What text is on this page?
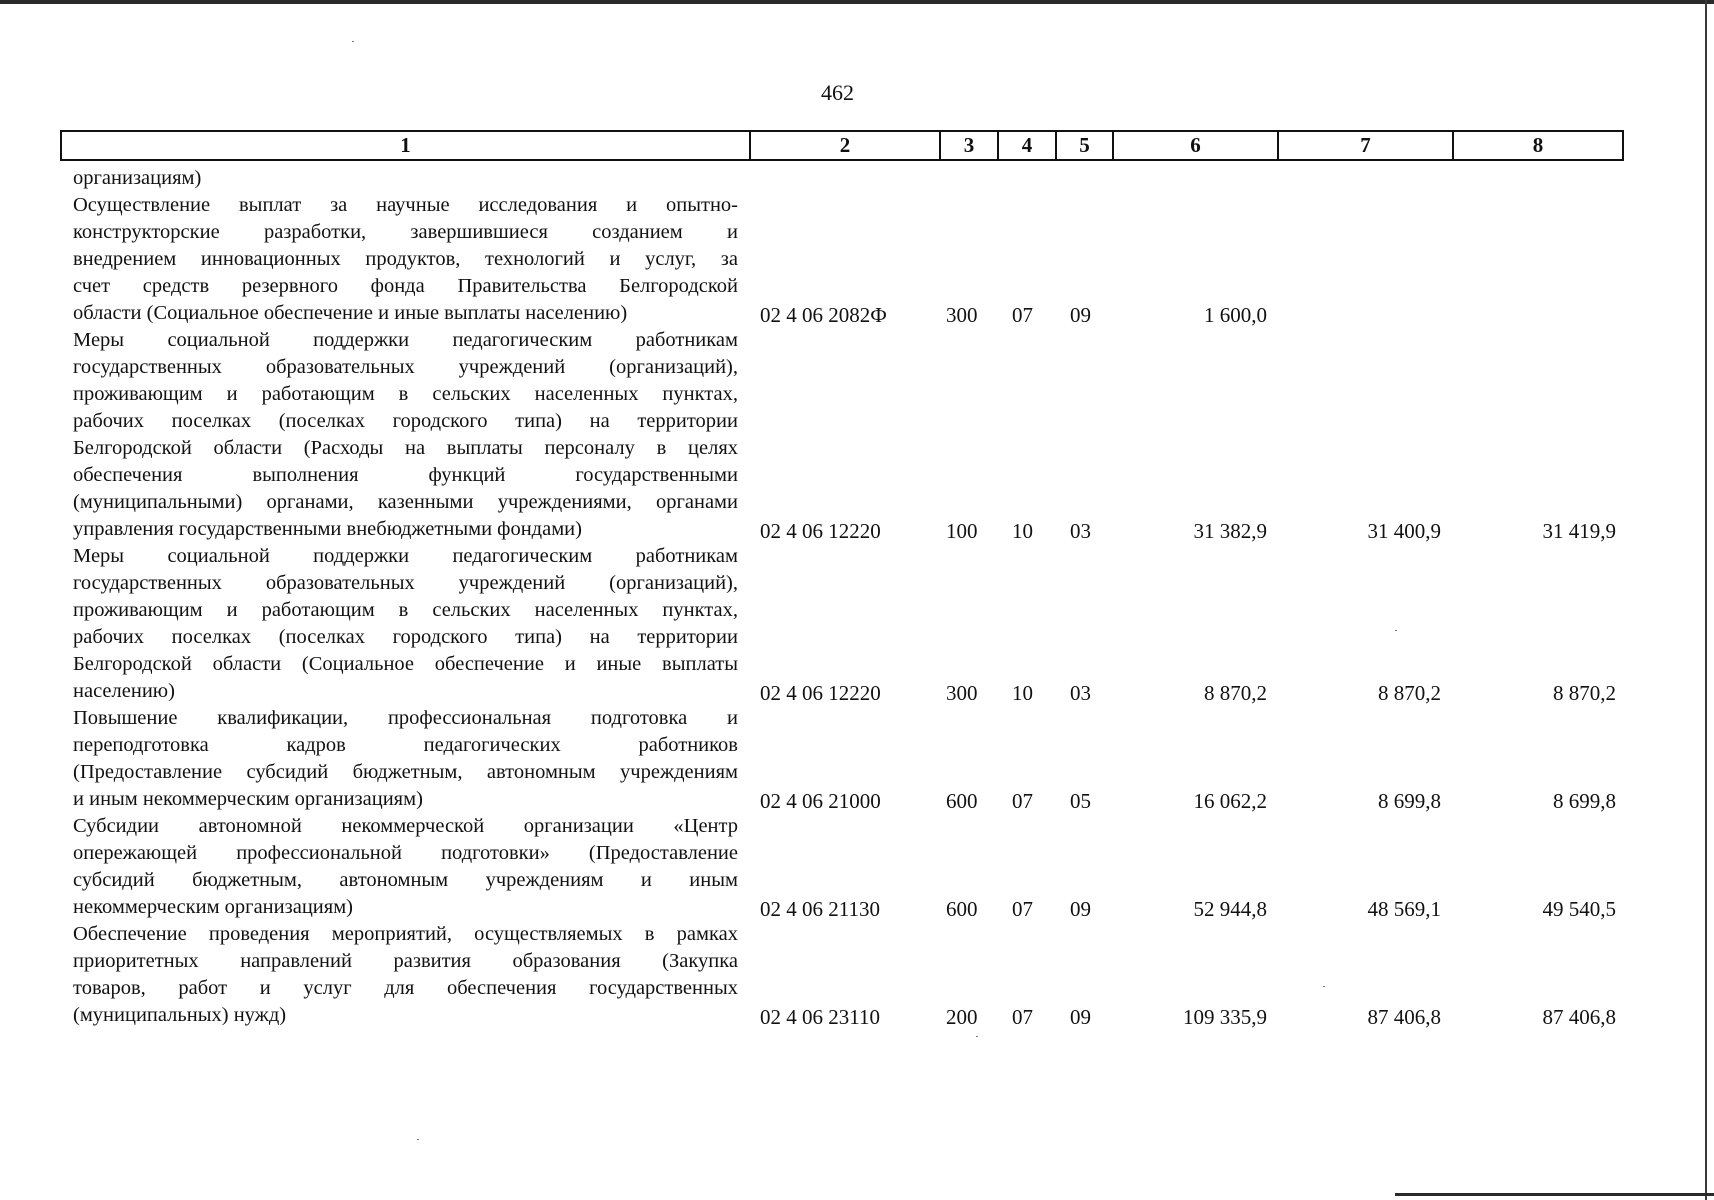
462
1	2	3	4	5	6	7	8
организациям)
Осуществление выплат за научные исследования и опытно-
конструкторские разработки, завершившиеся созданием и
внедрением инновационных продуктов, технологий и услуг, за
счет средств резервного фонда Правительства Белгородской
области (Социальное обеспечение и иные выплаты населению)	02 4 06 2082Ф	300 07 09	1 600,0
Меры социальной поддержки педагогическим работникам
государственных образовательных учреждений (организаций),
проживающим и работающим в сельских населенных пунктах,
рабочих поселках (поселках городского типа) на территории
Белгородской области (Расходы на выплаты персоналу в целях
обеспечения выполнения функций государственными
(муниципальными) органами, казенными учреждениями, органами
управления государственными внебюджетными фондами)	02 4 06 12220	100 10 03	31 382,9	31 400,9	31 419,9
Меры социальной поддержки педагогическим работникам
государственных образовательных учреждений (организаций),
проживающим и работающим в сельских населенных пунктах,
рабочих поселках (поселках городского типа) на территории
Белгородской области (Социальное обеспечение и иные выплаты
населению)	02 4 06 12220	300 10 03	8 870,2	8 870,2	8 870,2
Повышение квалификации, профессиональная подготовка и
переподготовка кадров педагогических работников
(Предоставление субсидий бюджетным, автономным учреждениям
и иным некоммерческим организациям)	02 4 06 21000	600 07 05	16 062,2	8 699,8	8 699,8
Субсидии автономной некоммерческой организации «Центр
опережающей профессиональной подготовки» (Предоставление
субсидий бюджетным, автономным учреждениям и иным
некоммерческим организациям)	02 4 06 21130	600 07 09	52 944,8	48 569,1	49 540,5
Обеспечение проведения мероприятий, осуществляемых в рамках
приоритетных направлений развития образования (Закупка
товаров, работ и услуг для обеспечения государственных
(муниципальных) нужд)	02 4 06 23110	200 07 09	109 335,9	87 406,8	87 406,8
